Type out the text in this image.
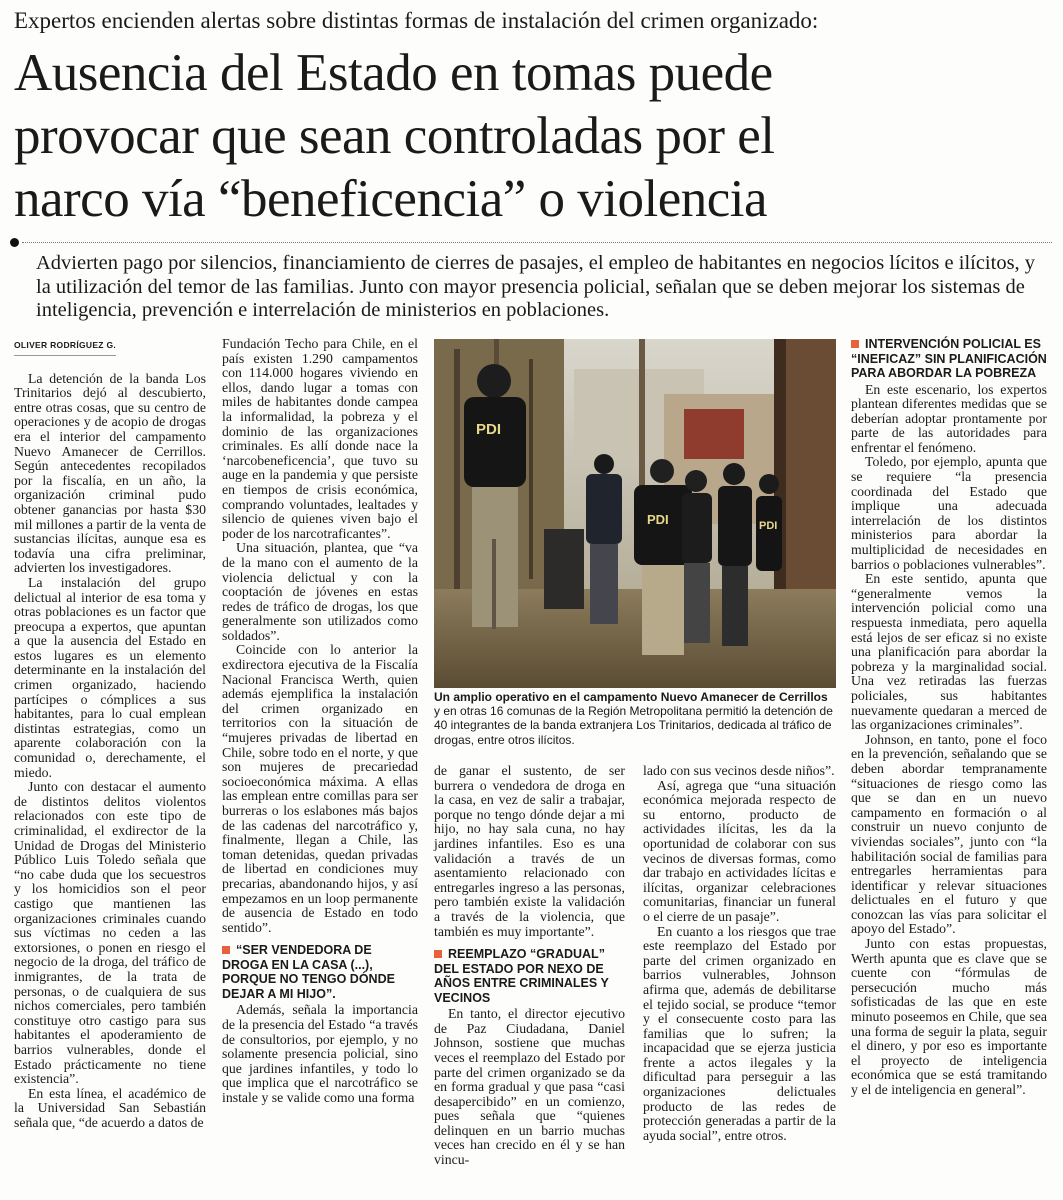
Expertos encienden alertas sobre distintas formas de instalación del crimen organizado:
Ausencia del Estado en tomas puede
provocar que sean controladas por el
narco vía “beneficencia” o violencia
Advierten pago por silencios, financiamiento de cierres de pasajes, el empleo de habitantes en negocios lícitos e ilícitos, y la utilización del temor de las familias. Junto con mayor presencia policial, señalan que se deben mejorar los sistemas de inteligencia, prevención e interrelación de ministerios en poblaciones.
OLIVER RODRÍGUEZ G.

La detención de la banda Los Trinitarios dejó al descubierto, entre otras cosas, que su centro de operaciones y de acopio de drogas era el interior del campamento Nuevo Amanecer de Cerrillos. Según antecedentes recopilados por la fiscalía, en un año, la organización criminal pudo obtener ganancias por hasta $30 mil millones a partir de la venta de sustancias ilícitas, aunque esa es todavía una cifra preliminar, advierten los investigadores.

La instalación del grupo delictual al interior de esa toma y otras poblaciones es un factor que preocupa a expertos, que apuntan a que la ausencia del Estado en estos lugares es un elemento determinante en la instalación del crimen organizado, haciendo partícipes o cómplices a sus habitantes, para lo cual emplean distintas estrategias, como un aparente colaboración con la comunidad o, derechamente, el miedo.

Junto con destacar el aumento de distintos delitos violentos relacionados con este tipo de criminalidad, el exdirector de la Unidad de Drogas del Ministerio Público Luis Toledo señala que “no cabe duda que los secuestros y los homicidios son el peor castigo que mantienen las organizaciones criminales cuando sus víctimas no ceden a las extorsiones, o ponen en riesgo el negocio de la droga, del tráfico de inmigrantes, de la trata de personas, o de cualquiera de sus nichos comerciales, pero también constituye otro castigo para sus habitantes el apoderamiento de barrios vulnerables, donde el Estado prácticamente no tiene existencia”.

En esta línea, el académico de la Universidad San Sebastián señala que, “de acuerdo a datos de

Fundación Techo para Chile, en el país existen 1.290 campamentos con 114.000 hogares viviendo en ellos, dando lugar a tomas con miles de habitantes donde campea la informalidad, la pobreza y el dominio de las organizaciones criminales. Es allí donde nace la ‘narcobeneficencia’, que tuvo su auge en la pandemia y que persiste en tiempos de crisis económica, comprando voluntades, lealtades y silencio de quienes viven bajo el poder de los narcotraficantes”.

Una situación, plantea, que “va de la mano con el aumento de la violencia delictual y con la cooptación de jóvenes en estas redes de tráfico de drogas, los que generalmente son utilizados como soldados”.

Coincide con lo anterior la exdirectora ejecutiva de la Fiscalía Nacional Francisca Werth, quien además ejemplifica la instalación del crimen organizado en territorios con la situación de “mujeres privadas de libertad en Chile, sobre todo en el norte, y que son mujeres de precariedad socioeconómica máxima. A ellas las emplean entre comillas para ser burreras o los eslabones más bajos de las cadenas del narcotráfico y, finalmente, llegan a Chile, las toman detenidas, quedan privadas de libertad en condiciones muy precarias, abandonando hijos, y así empezamos en un loop permanente de ausencia de Estado en todo sentido”.

“SER VENDEDORA DE DROGA EN LA CASA (...), PORQUE NO TENGO DÓNDE DEJAR A MI HIJO”.

Además, señala la importancia de la presencia del Estado “a través de consultorios, por ejemplo, y no solamente presencia policial, sino que jardines infantiles, y todo lo que implica que el narcotráfico se instale y se valide como una forma

PDI
PDI	PDI
Un amplio operativo en el campamento Nuevo Amanecer de Cerrillos y en otras 16 comunas de la Región Metropolitana permitió la detención de 40 integrantes de la banda extranjera Los Trinitarios, dedicada al tráfico de drogas, entre otros ilícitos.

de ganar el sustento, de ser burrera o vendedora de droga en la casa, en vez de salir a trabajar, porque no tengo dónde dejar a mi hijo, no hay sala cuna, no hay jardines infantiles. Eso es una validación a través de un asentamiento relacionado con entregarles ingreso a las personas, pero también existe la validación a través de la violencia, que también es muy importante”.

REEMPLAZO “GRADUAL” DEL ESTADO POR NEXO DE AÑOS ENTRE CRIMINALES Y VECINOS

En tanto, el director ejecutivo de Paz Ciudadana, Daniel Johnson, sostiene que muchas veces el reemplazo del Estado por parte del crimen organizado se da en forma gradual y que pasa “casi desapercibido” en un comienzo, pues señala que “quienes delinquen en un barrio muchas veces han crecido en él y se han vincu-

lado con sus vecinos desde niños”.

Así, agrega que “una situación económica mejorada respecto de su entorno, producto de actividades ilícitas, les da la oportunidad de colaborar con sus vecinos de diversas formas, como dar trabajo en actividades lícitas e ilícitas, organizar celebraciones comunitarias, financiar un funeral o el cierre de un pasaje”.

En cuanto a los riesgos que trae este reemplazo del Estado por parte del crimen organizado en barrios vulnerables, Johnson afirma que, además de debilitarse el tejido social, se produce “temor y el consecuente costo para las familias que lo sufren; la incapacidad que se ejerza justicia frente a actos ilegales y la dificultad para perseguir a las organizaciones delictuales producto de las redes de protección generadas a partir de la ayuda social”, entre otros.

INTERVENCIÓN POLICIAL ES “INEFICAZ” SIN PLANIFICACIÓN PARA ABORDAR LA POBREZA

En este escenario, los expertos plantean diferentes medidas que se deberían adoptar prontamente por parte de las autoridades para enfrentar el fenómeno.

Toledo, por ejemplo, apunta que se requiere “la presencia coordinada del Estado que implique una adecuada interrelación de los distintos ministerios para abordar la multiplicidad de necesidades en barrios o poblaciones vulnerables”.

En este sentido, apunta que “generalmente vemos la intervención policial como una respuesta inmediata, pero aquella está lejos de ser eficaz si no existe una planificación para abordar la pobreza y la marginalidad social. Una vez retiradas las fuerzas policiales, sus habitantes nuevamente quedaran a merced de las organizaciones criminales”.

Johnson, en tanto, pone el foco en la prevención, señalando que se deben abordar tempranamente “situaciones de riesgo como las que se dan en un nuevo campamento en formación o al construir un nuevo conjunto de viviendas sociales”, junto con “la habilitación social de familias para entregarles herramientas para identificar y relevar situaciones delictuales en el futuro y que conozcan las vías para solicitar el apoyo del Estado”.

Junto con estas propuestas, Werth apunta que es clave que se cuente con “fórmulas de persecución mucho más sofisticadas de las que en este minuto poseemos en Chile, que sea una forma de seguir la plata, seguir el dinero, y por eso es importante el proyecto de inteligencia económica que se está tramitando y el de inteligencia en general”.
